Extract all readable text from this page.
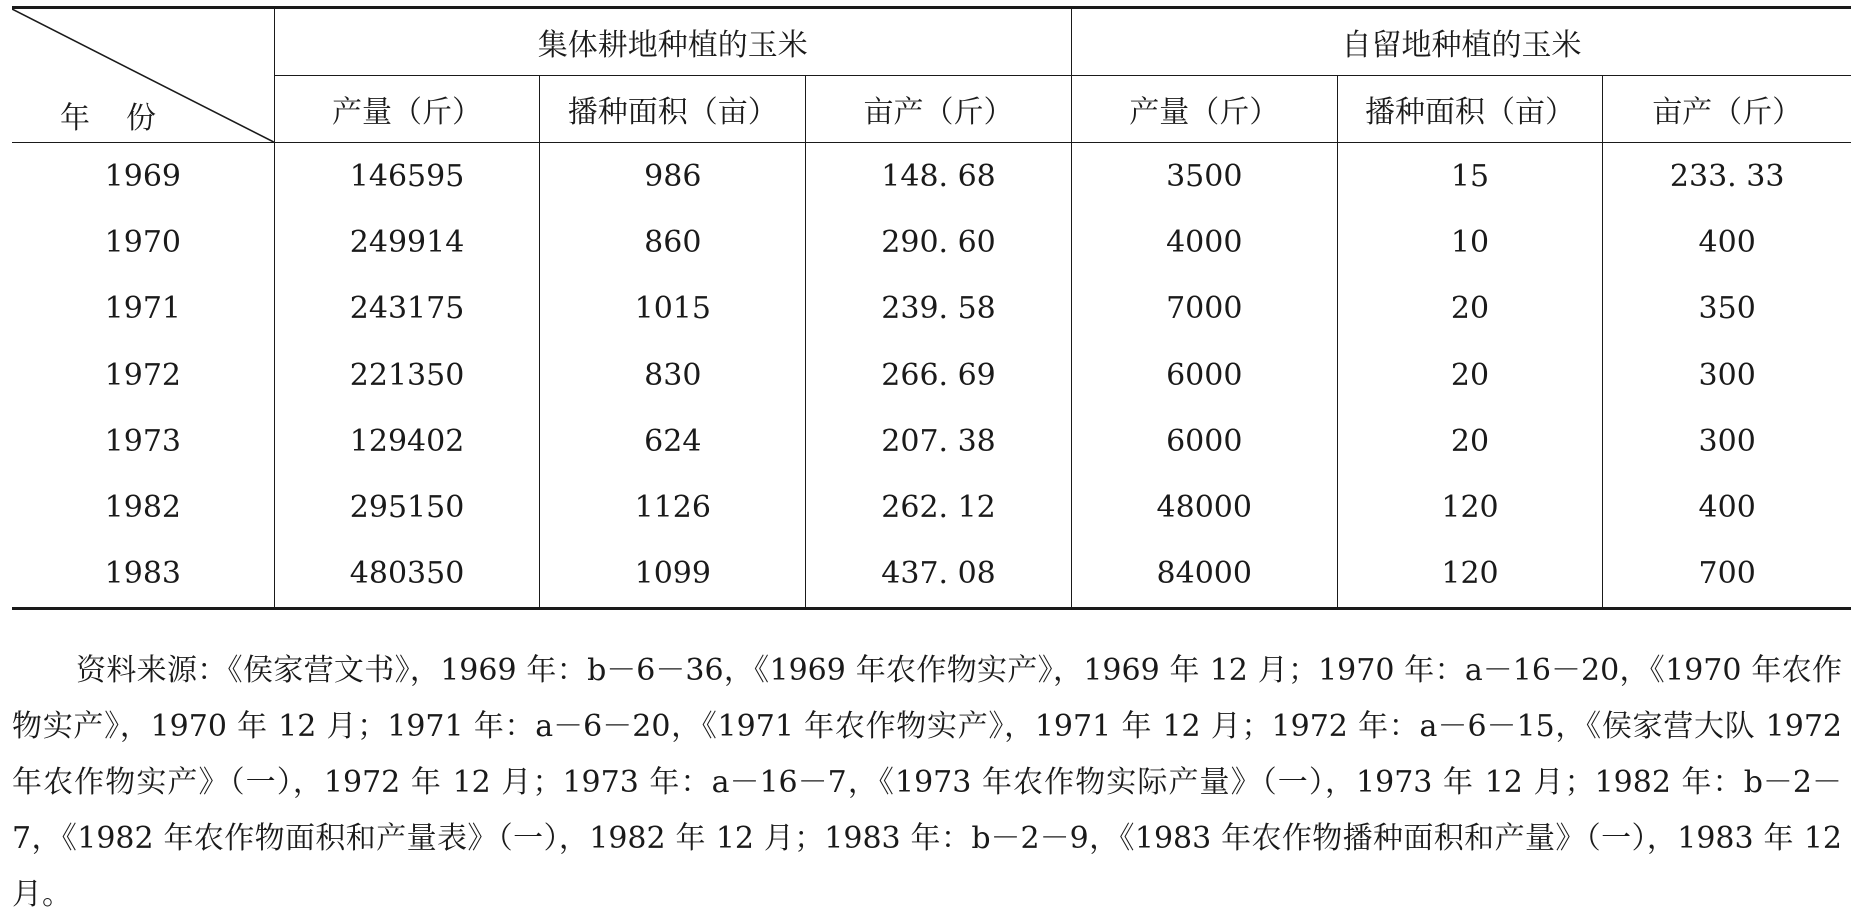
年 份	集体耕地种植的玉米			自留地种植的玉米		
	产量（斤）	播种面积（亩）	亩产（斤）	产量（斤）	播种面积（亩）	亩产（斤）
1969	146595	986	148. 68	3500	15	233. 33
1970	249914	860	290. 60	4000	10	400
1971	243175	1015	239. 58	7000	20	350
1972	221350	830	266. 69	6000	20	300
1973	129402	624	207. 38	6000	20	300
1982	295150	1126	262. 12	48000	120	400
1983	480350	1099	437. 08	84000	120	700

资料来源：《侯家营文书》，1969 年：b－6－36，《1969 年农作物实产》，1969 年 12 月；1970 年：a－16－20，《1970 年农作物实产》，1970 年 12 月；1971 年：a－6－20，《1971 年农作物实产》，1971 年 12 月；1972 年：a－6－15，《侯家营大队 1972 年农作物实产》（一），1972 年 12 月；1973 年：a－16－7，《1973 年农作物实际产量》（一），1973 年 12 月；1982 年：b－2－7，《1982 年农作物面积和产量表》（一），1982 年 12 月；1983 年：b－2－9，《1983 年农作物播种面积和产量》（一），1983 年 12 月。
